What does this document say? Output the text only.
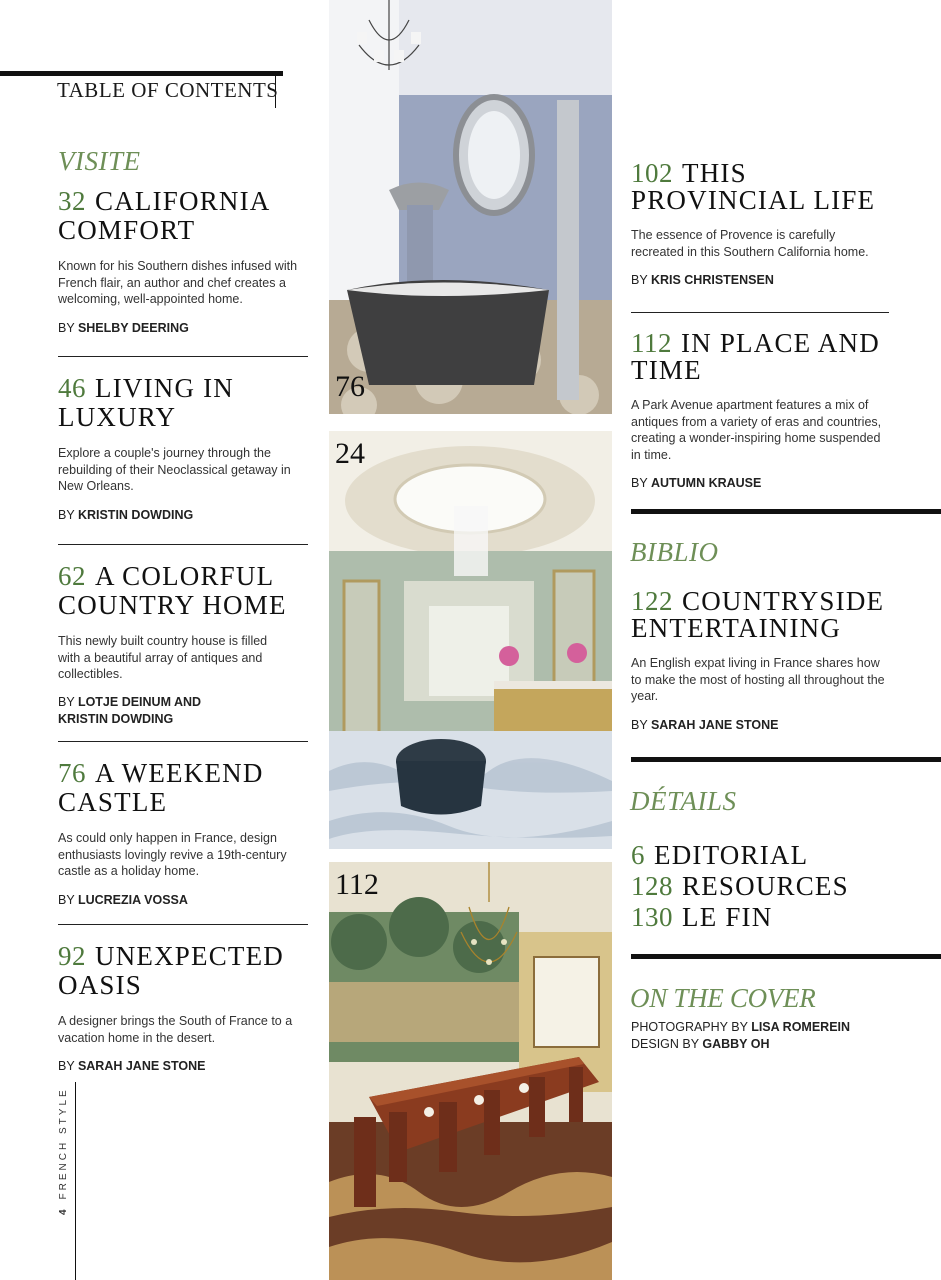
TABLE OF CONTENTS
VISITE
32 CALIFORNIA
COMFORT
Known for his Southern dishes infused with French flair, an author and chef creates a welcoming, well-appointed home.
BY SHELBY DEERING
46 LIVING IN
LUXURY
Explore a couple's journey through the rebuilding of their Neoclassical getaway in New Orleans.
BY KRISTIN DOWDING
62 A COLORFUL
COUNTRY HOME
This newly built country house is filled with a beautiful array of antiques and collectibles.
BY LOTJE DEINUM AND
KRISTIN DOWDING
76 A WEEKEND
CASTLE
As could only happen in France, design enthusiasts lovingly revive a 19th-century castle as a holiday home.
BY LUCREZIA VOSSA
92 UNEXPECTED
OASIS
A designer brings the South of France to a vacation home in the desert.
BY SARAH JANE STONE
4FRENCH STYLE
76
24
112
102 THIS
PROVINCIAL LIFE
The essence of Provence is carefully recreated in this Southern California home.
BY KRIS CHRISTENSEN
112 IN PLACE AND
TIME
A Park Avenue apartment features a mix of antiques from a variety of eras and countries, creating a wonder-inspiring home suspended in time.
BY AUTUMN KRAUSE
BIBLIO
122 COUNTRYSIDE
ENTERTAINING
An English expat living in France shares how to make the most of hosting all throughout the year.
BY SARAH JANE STONE
DÉTAILS
6 EDITORIAL
128 RESOURCES
130 LE FIN
ON THE COVER
PHOTOGRAPHY BY LISA ROMEREIN
DESIGN BY GABBY OH
